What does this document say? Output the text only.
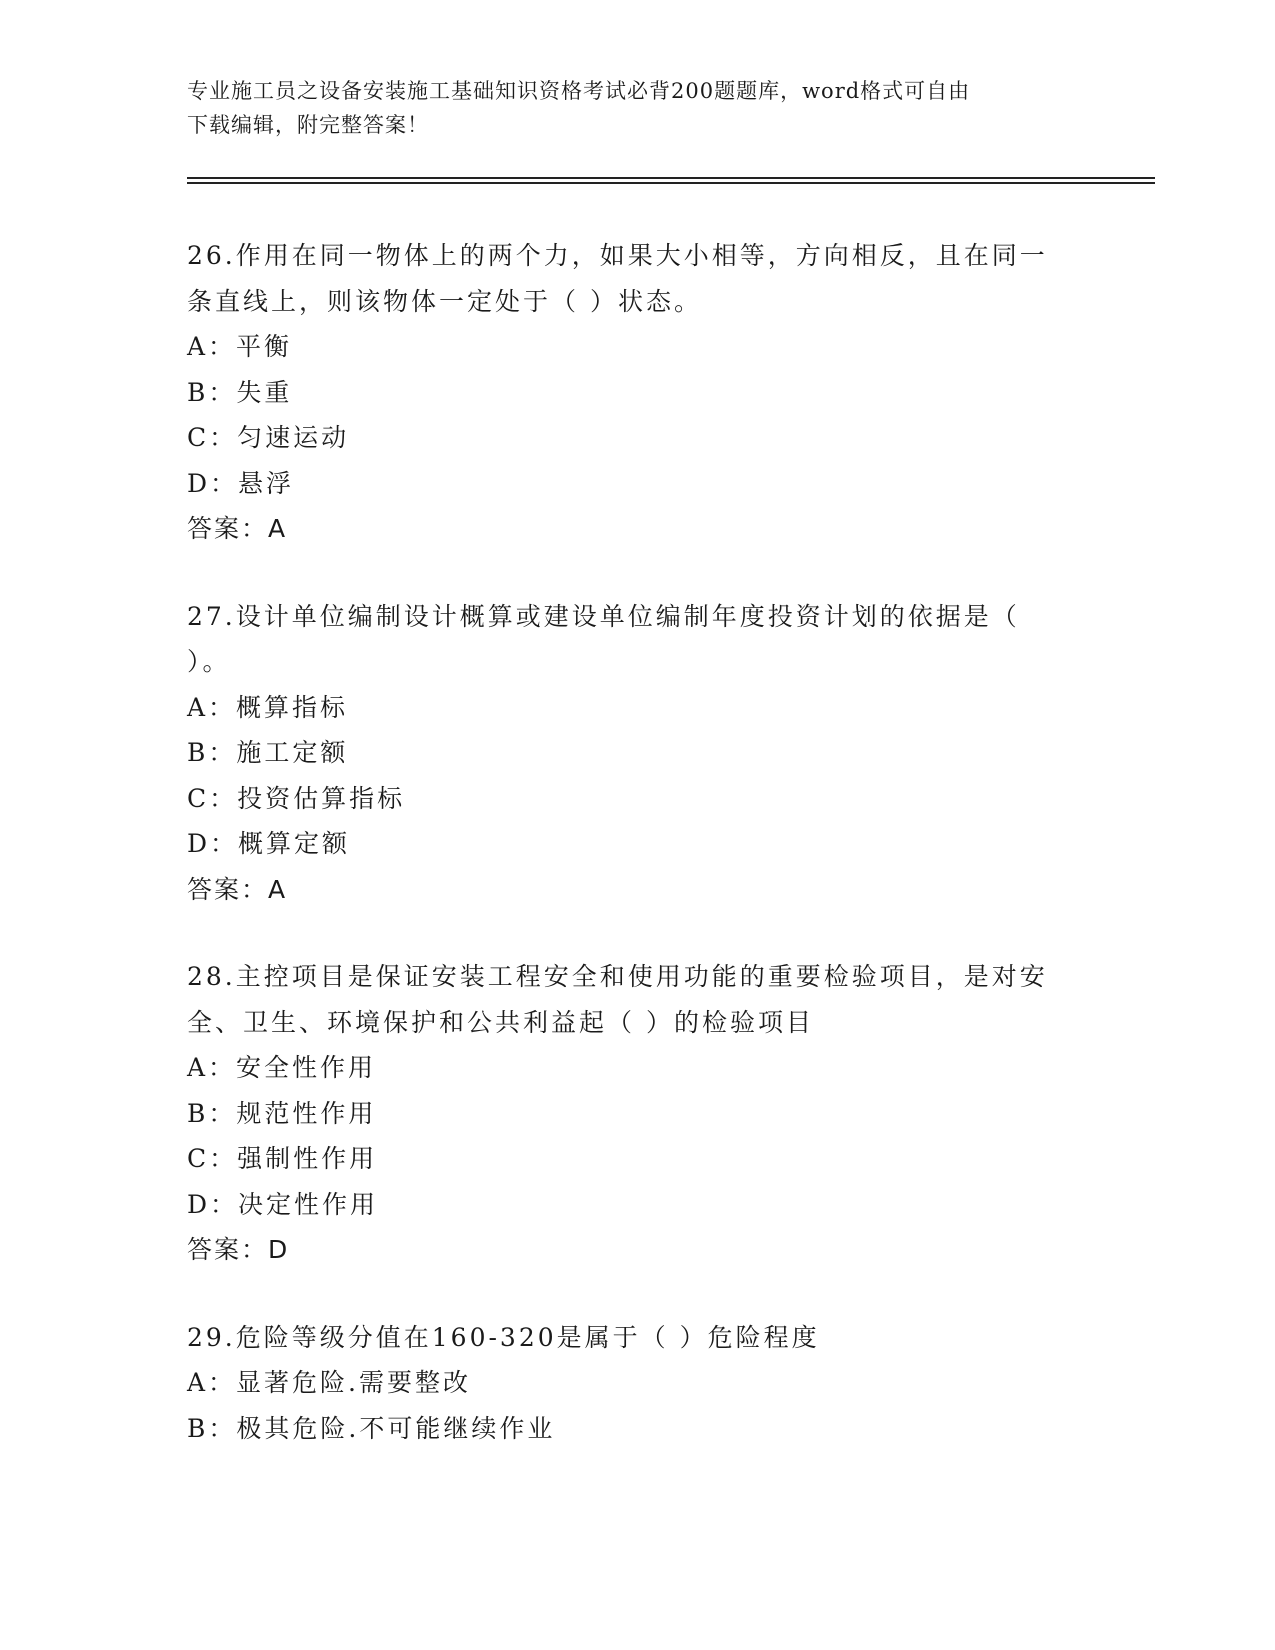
专业施工员之设备安装施工基础知识资格考试必背200题题库，word格式可自由
下载编辑，附完整答案！
26.作用在同一物体上的两个力，如果大小相等，方向相反，且在同一
条直线上，则该物体一定处于（ ）状态。
A：平衡
B：失重
C：匀速运动
D：悬浮
答案：A
27.设计单位编制设计概算或建设单位编制年度投资计划的依据是（
）。
A：概算指标
B：施工定额
C：投资估算指标
D：概算定额
答案：A
28.主控项目是保证安装工程安全和使用功能的重要检验项目，是对安
全、卫生、环境保护和公共利益起（ ）的检验项目
A：安全性作用
B：规范性作用
C：强制性作用
D：决定性作用
答案：D
29.危险等级分值在160-320是属于（ ）危险程度
A：显著危险.需要整改
B：极其危险.不可能继续作业
